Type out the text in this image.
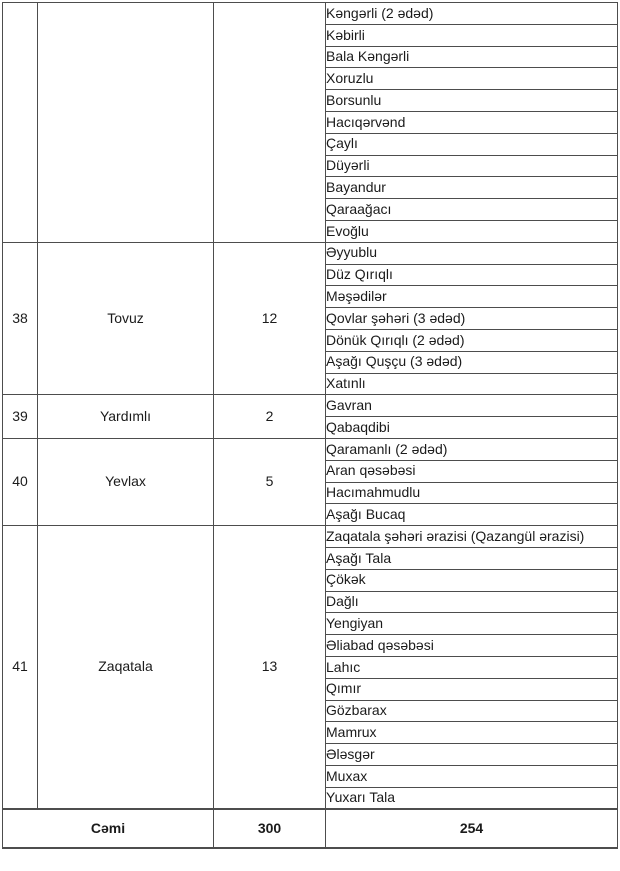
			Kəngərli (2 ədəd)
			Kəbirli
			Bala Kəngərli
			Xoruzlu
			Borsunlu
			Hacıqərvənd
			Çaylı
			Düyərli
			Bayandur
			Qaraağacı
			Evoğlu
38	Tovuz	12	Əyyublu
			Düz Qırıqlı
			Məşədilər
			Qovlar şəhəri (3 ədəd)
			Dönük Qırıqlı (2 ədəd)
			Aşağı Quşçu (3 ədəd)
			Xatınlı
39	Yardımlı	2	Gavran
			Qabaqdibi
40	Yevlax	5	Qaramanlı (2 ədəd)
			Aran qəsəbəsi
			Hacımahmudlu
			Aşağı Bucaq
41	Zaqatala	13	Zaqatala şəhəri ərazisi (Qazangül ərazisi)
			Aşağı Tala
			Çökək
			Dağlı
			Yengiyan
			Əliabad qəsəbəsi
			Lahıc
			Qımır
			Gözbarax
			Mamrux
			Ələsgər
			Muxax
			Yuxarı Tala
Cəmi		300	254
